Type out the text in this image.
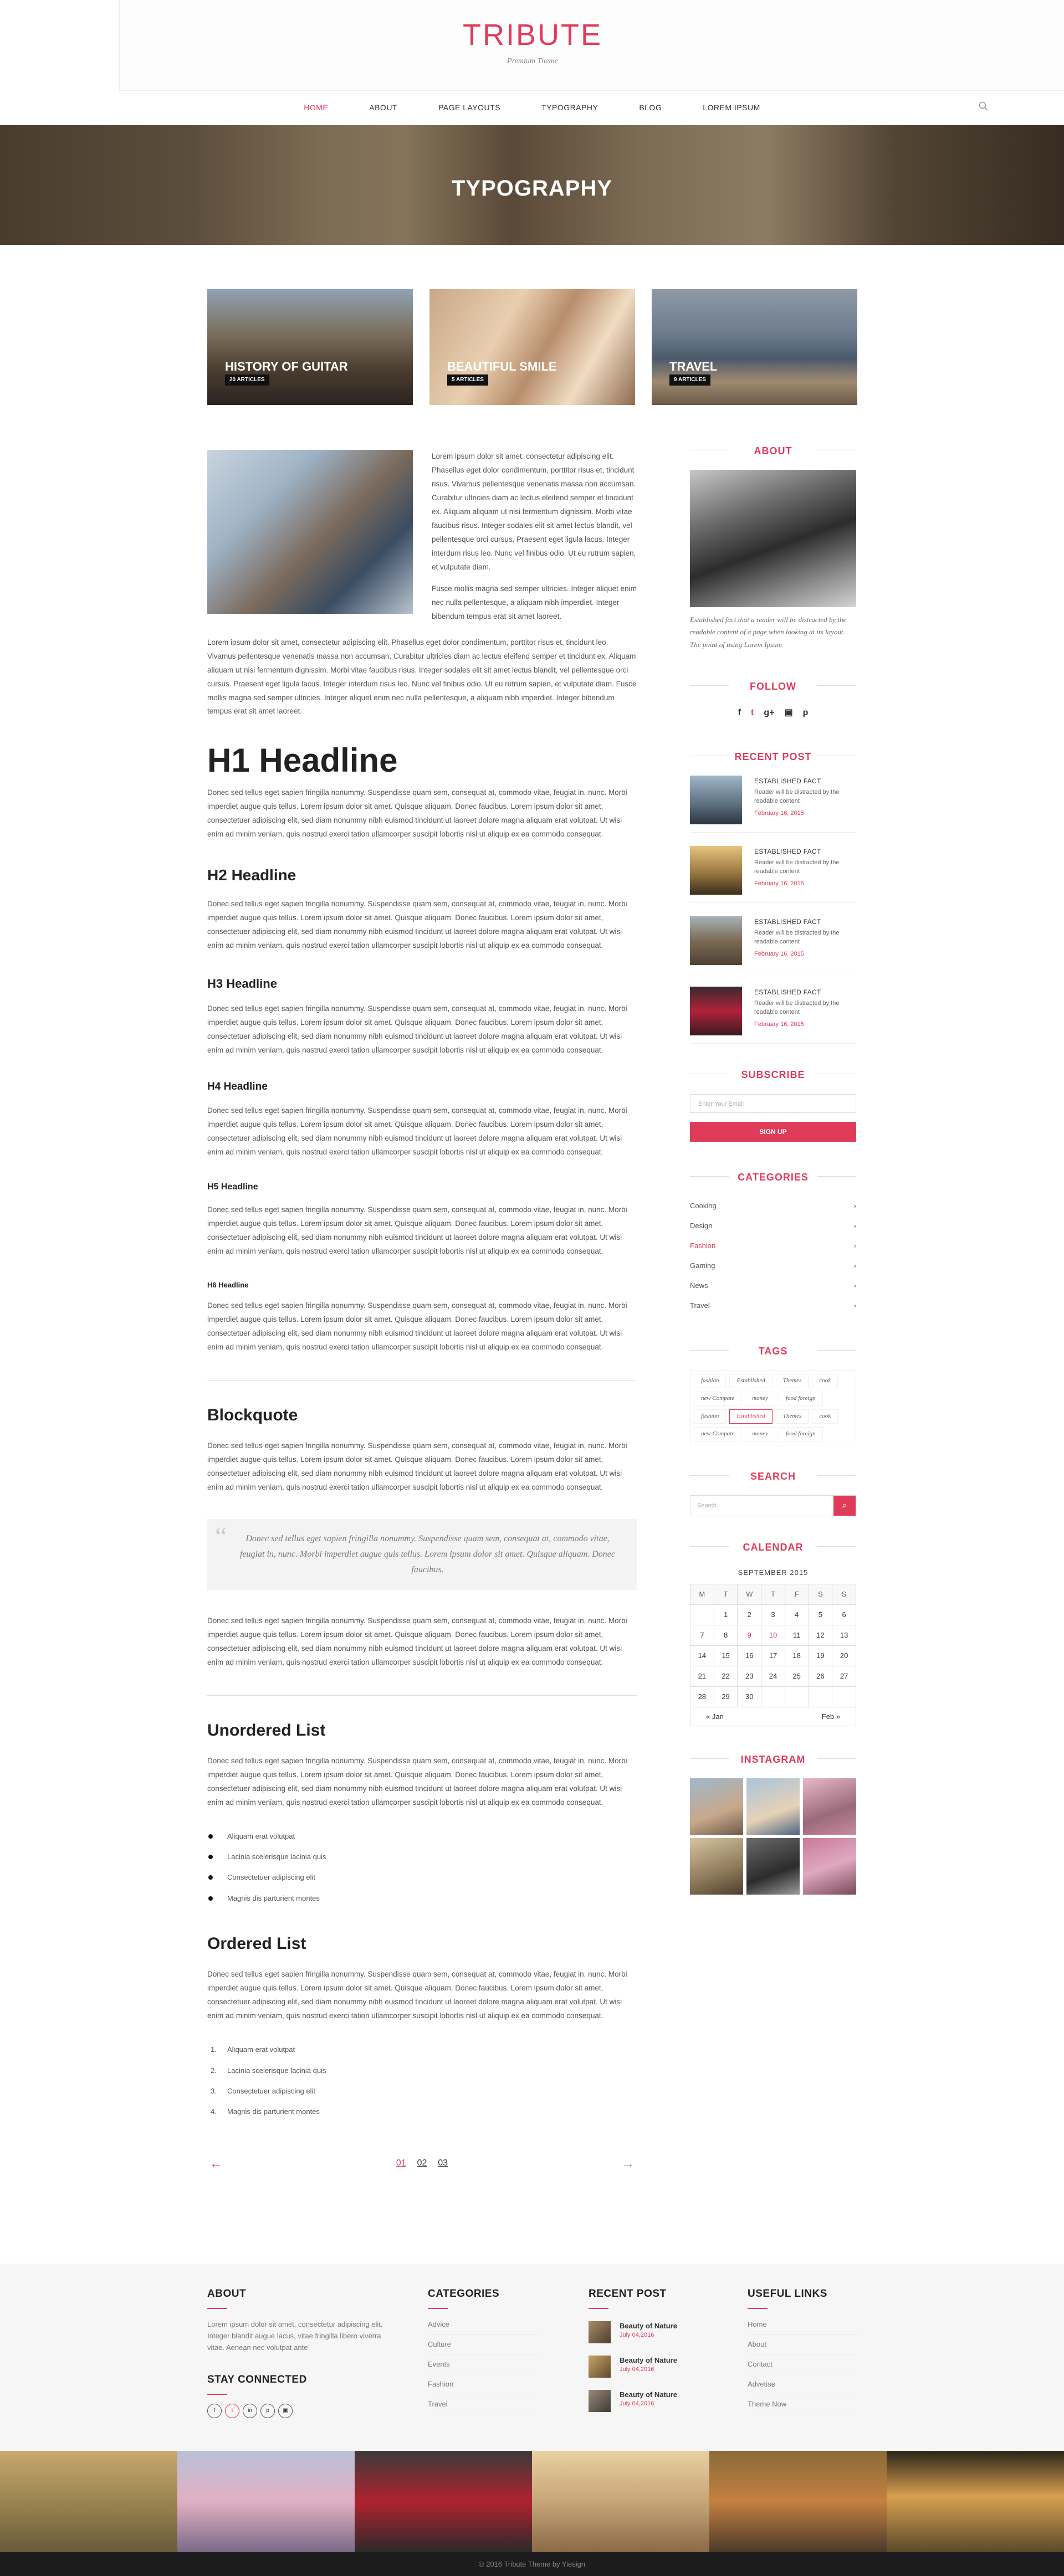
TRIBUTE
Premium Theme
HOME	ABOUT	PAGE LAYOUTS	TYPOGRAPHY	BLOG	LOREM IPSUM
TYPOGRAPHY
HISTORY OF GUITAR
20 ARTICLES
BEAUTIFUL SMILE
5 ARTICLES
TRAVEL
9 ARTICLES

Lorem ipsum dolor sit amet, consectetur adipiscing elit. Phasellus eget dolor condimentum, porttitor risus et, tincidunt risus. Vivamus pellentesque venenatis massa non accumsan. Curabitur ultricies diam ac lectus eleifend semper et tincidunt ex. Aliquam aliquam ut nisi fermentum dignissim. Morbi vitae faucibus risus. Integer sodales elit sit amet lectus blandit, vel pellentesque orci cursus. Praesent eget ligula lacus. Integer interdum risus leo. Nunc vel finibus odio. Ut eu rutrum sapien, et vulputate diam.

Fusce mollis magna sed semper ultricies. Integer aliquet enim nec nulla pellentesque, a aliquam nibh imperdiet. Integer bibendum tempus erat sit amet laoreet.

Lorem ipsum dolor sit amet, consectetur adipiscing elit. Phasellus eget dolor condimentum, porttitor risus et, tincidunt leo. Vivamus pellentesque venenatis massa non accumsan. Curabitur ultricies diam ac lectus eleifend semper et tincidunt ex. Aliquam aliquam ut nisi fermentum dignissim. Morbi vitae faucibus risus. Integer sodales elit sit amet lectus blandit, vel pellentesque orci cursus. Praesent eget ligula lacus. Integer interdum risus leo. Nunc vel finibus odio. Ut eu rutrum sapien, et vulputate diam. Fusce mollis magna sed semper ultricies. Integer aliquet enim nec nulla pellentesque, a aliquam nibh imperdiet. Integer bibendum tempus erat sit amet laoreet.

H1 Headline

Donec sed tellus eget sapien fringilla nonummy. Suspendisse quam sem, consequat at, commodo vitae, feugiat in, nunc. Morbi imperdiet augue quis tellus. Lorem ipsum dolor sit amet. Quisque aliquam. Donec faucibus. Lorem ipsum dolor sit amet, consectetuer adipiscing elit, sed diam nonummy nibh euismod tincidunt ut laoreet dolore magna aliquam erat volutpat. Ut wisi enim ad minim veniam, quis nostrud exerci tation ullamcorper suscipit lobortis nisl ut aliquip ex ea commodo consequat.

H2 Headline

Donec sed tellus eget sapien fringilla nonummy. Suspendisse quam sem, consequat at, commodo vitae, feugiat in, nunc. Morbi imperdiet augue quis tellus. Lorem ipsum dolor sit amet. Quisque aliquam. Donec faucibus. Lorem ipsum dolor sit amet, consectetuer adipiscing elit, sed diam nonummy nibh euismod tincidunt ut laoreet dolore magna aliquam erat volutpat. Ut wisi enim ad minim veniam, quis nostrud exerci tation ullamcorper suscipit lobortis nisl ut aliquip ex ea commodo consequat.

H3 Headline

Donec sed tellus eget sapien fringilla nonummy. Suspendisse quam sem, consequat at, commodo vitae, feugiat in, nunc. Morbi imperdiet augue quis tellus. Lorem ipsum dolor sit amet. Quisque aliquam. Donec faucibus. Lorem ipsum dolor sit amet, consectetuer adipiscing elit, sed diam nonummy nibh euismod tincidunt ut laoreet dolore magna aliquam erat volutpat. Ut wisi enim ad minim veniam, quis nostrud exerci tation ullamcorper suscipit lobortis nisl ut aliquip ex ea commodo consequat.

H4 Headline

Donec sed tellus eget sapien fringilla nonummy. Suspendisse quam sem, consequat at, commodo vitae, feugiat in, nunc. Morbi imperdiet augue quis tellus. Lorem ipsum dolor sit amet. Quisque aliquam. Donec faucibus. Lorem ipsum dolor sit amet, consectetuer adipiscing elit, sed diam nonummy nibh euismod tincidunt ut laoreet dolore magna aliquam erat volutpat. Ut wisi enim ad minim veniam, quis nostrud exerci tation ullamcorper suscipit lobortis nisl ut aliquip ex ea commodo consequat.

H5 Headline

Donec sed tellus eget sapien fringilla nonummy. Suspendisse quam sem, consequat at, commodo vitae, feugiat in, nunc. Morbi imperdiet augue quis tellus. Lorem ipsum dolor sit amet. Quisque aliquam. Donec faucibus. Lorem ipsum dolor sit amet, consectetuer adipiscing elit, sed diam nonummy nibh euismod tincidunt ut laoreet dolore magna aliquam erat volutpat. Ut wisi enim ad minim veniam, quis nostrud exerci tation ullamcorper suscipit lobortis nisl ut aliquip ex ea commodo consequat.

H6 Headline

Donec sed tellus eget sapien fringilla nonummy. Suspendisse quam sem, consequat at, commodo vitae, feugiat in, nunc. Morbi imperdiet augue quis tellus. Lorem ipsum dolor sit amet. Quisque aliquam. Donec faucibus. Lorem ipsum dolor sit amet, consectetuer adipiscing elit, sed diam nonummy nibh euismod tincidunt ut laoreet dolore magna aliquam erat volutpat. Ut wisi enim ad minim veniam, quis nostrud exerci tation ullamcorper suscipit lobortis nisl ut aliquip ex ea commodo consequat.

Blockquote

Donec sed tellus eget sapien fringilla nonummy. Suspendisse quam sem, consequat at, commodo vitae, feugiat in, nunc. Morbi imperdiet augue quis tellus. Lorem ipsum dolor sit amet. Quisque aliquam. Donec faucibus. Lorem ipsum dolor sit amet, consectetuer adipiscing elit, sed diam nonummy nibh euismod tincidunt ut laoreet dolore magna aliquam erat volutpat. Ut wisi enim ad minim veniam, quis nostrud exerci tation ullamcorper suscipit lobortis nisl ut aliquip ex ea commodo consequat.

“ Donec sed tellus eget sapien fringilla nonummy. Suspendisse quam sem, consequat at, commodo vitae, feugiat in, nunc. Morbi imperdiet augue quis tellus. Lorem ipsum dolor sit amet. Quisque aliquam. Donec faucibus.

Donec sed tellus eget sapien fringilla nonummy. Suspendisse quam sem, consequat at, commodo vitae, feugiat in, nunc. Morbi imperdiet augue quis tellus. Lorem ipsum dolor sit amet. Quisque aliquam. Donec faucibus. Lorem ipsum dolor sit amet, consectetuer adipiscing elit, sed diam nonummy nibh euismod tincidunt ut laoreet dolore magna aliquam erat volutpat. Ut wisi enim ad minim veniam, quis nostrud exerci tation ullamcorper suscipit lobortis nisl ut aliquip ex ea commodo consequat.

Unordered List

Donec sed tellus eget sapien fringilla nonummy. Suspendisse quam sem, consequat at, commodo vitae, feugiat in, nunc. Morbi imperdiet augue quis tellus. Lorem ipsum dolor sit amet. Quisque aliquam. Donec faucibus. Lorem ipsum dolor sit amet, consectetuer adipiscing elit, sed diam nonummy nibh euismod tincidunt ut laoreet dolore magna aliquam erat volutpat. Ut wisi enim ad minim veniam, quis nostrud exerci tation ullamcorper suscipit lobortis nisl ut aliquip ex ea commodo consequat.

Aliquam erat volutpat
Lacinia scelerisque lacinia quis
Consectetuer adipiscing elit
Magnis dis parturient montes
Ordered List

Donec sed tellus eget sapien fringilla nonummy. Suspendisse quam sem, consequat at, commodo vitae, feugiat in, nunc. Morbi imperdiet augue quis tellus. Lorem ipsum dolor sit amet. Quisque aliquam. Donec faucibus. Lorem ipsum dolor sit amet, consectetuer adipiscing elit, sed diam nonummy nibh euismod tincidunt ut laoreet dolore magna aliquam erat volutpat. Ut wisi enim ad minim veniam, quis nostrud exerci tation ullamcorper suscipit lobortis nisl ut aliquip ex ea commodo consequat.

1. Aliquam erat volutpat
2. Lacinia scelerisque lacinia quis
3. Consectetuer adipiscing elit
4. Magnis dis parturient montes
←	01 02 03	→
ABOUT
Established fact that a reader will be distracted by the readable content of a page when looking at its layout. The point of using Lorem Ipsum
FOLLOW
f t g+ ▣ p
RECENT POST
ESTABLISHED FACT
Reader will be distracted by the readable content
February 16, 2015
ESTABLISHED FACT
Reader will be distracted by the readable content
February 16, 2015
ESTABLISHED FACT
Reader will be distracted by the readable content
February 16, 2015
ESTABLISHED FACT
Reader will be distracted by the readable content
February 16, 2015
SUBSCRIBE
Enter Your Email
SIGN UP
CATEGORIES
Cooking	›
Design	›
Fashion	›
Gaming	›
News	›
Travel	›
TAGS
fashion	Established	Themes	cook
new Compate	money	food foreign
fashion	Established	Themes	cook
new Compate	money	food foreign
SEARCH
Search	⌕
CALENDAR
SEPTEMBER 2015
M	T	W	T	F	S	S
	1	2	3	4	5	6
7	8	9	10	11	12	13
14	15	16	17	18	19	20
21	22	23	24	25	26	27
28	29	30				
« Jan	Feb »
INSTAGRAM
ABOUT
Lorem ipsum dolor sit amet, consectetur adipiscing elit. Integer blandit augue lacus, vitae fringilla libero viverra vitae. Aenean nec volutpat ante
STAY CONNECTED
f	t	in	p	▣
CATEGORIES
Advice
Culture
Events
Fashion
Travel
RECENT POST
Beauty of Nature
July 04,2016
Beauty of Nature
July 04,2016
Beauty of Nature
July 04,2016
USEFUL LINKS
Home
About
Contact
Advetise
Theme Now
© 2016 Tribute Theme by Yiesign
